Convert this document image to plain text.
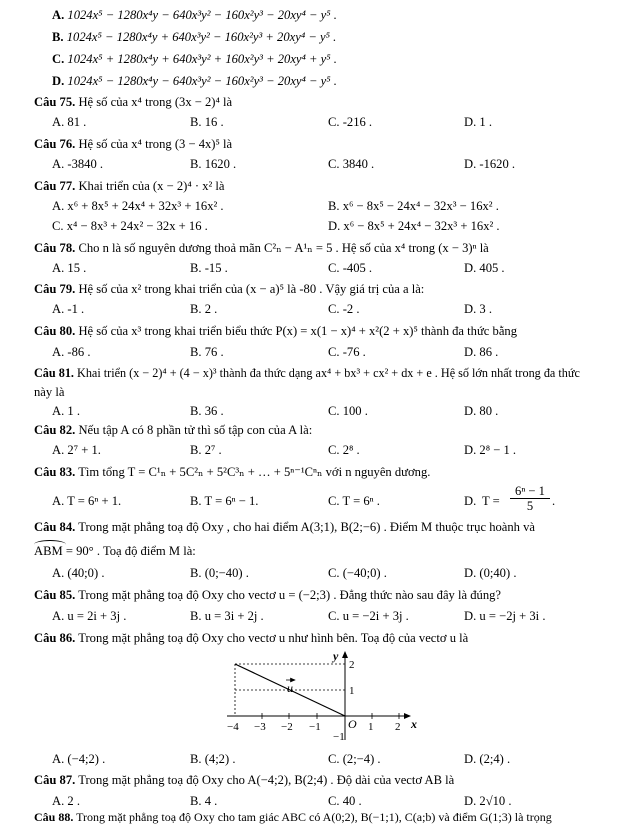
A. 1024x⁵ − 1280x⁴y − 640x³y² − 160x²y³ − 20xy⁴ − y⁵ .
B. 1024x⁵ − 1280x⁴y + 640x³y² − 160x²y³ + 20xy⁴ − y⁵ .
C. 1024x⁵ + 1280x⁴y + 640x³y² + 160x²y³ + 20xy⁴ + y⁵ .
D. 1024x⁵ − 1280x⁴y − 640x³y² − 160x²y³ − 20xy⁴ − y⁵ .
Câu 75. Hệ số của x⁴ trong (3x − 2)⁴ là
A. 81 .	B. 16 .	C. -216 .	D. 1 .
Câu 76. Hệ số của x⁴ trong (3 − 4x)⁵ là
A. -3840 .	B. 1620 .	C. 3840 .	D. -1620 .
Câu 77. Khai triển của (x − 2)⁴ · x² là
A. x⁶ + 8x⁵ + 24x⁴ + 32x³ + 16x² .	B. x⁶ − 8x⁵ − 24x⁴ − 32x³ − 16x² .
C. x⁴ − 8x³ + 24x² − 32x + 16 .	D. x⁶ − 8x⁵ + 24x⁴ − 32x³ + 16x² .
Câu 78. Cho n là số nguyên dương thoả mãn C²ₙ − A¹ₙ = 5 . Hệ số của x⁴ trong (x − 3)ⁿ là
A. 15 .	B. -15 .	C. -405 .	D. 405 .
Câu 79. Hệ số của x² trong khai triển của (x − a)⁵ là -80 . Vậy giá trị của a là:
A. -1 .	B. 2 .	C. -2 .	D. 3 .
Câu 80. Hệ số của x³ trong khai triển biểu thức P(x) = x(1 − x)⁴ + x²(2 + x)⁵ thành đa thức bằng
A. -86 .	B. 76 .	C. -76 .	D. 86 .
Câu 81. Khai triển (x − 2)⁴ + (4 − x)³ thành đa thức dạng ax⁴ + bx³ + cx² + dx + e . Hệ số lớn nhất trong đa thức
này là
A. 1 .	B. 36 .	C. 100 .	D. 80 .
Câu 82. Nếu tập A có 8 phần tử thì số tập con của A là:
A. 2⁷ + 1.	B. 2⁷ .	C. 2⁸ .	D. 2⁸ − 1 .
Câu 83. Tìm tổng T = C¹ₙ + 5C²ₙ + 5²C³ₙ + … + 5ⁿ⁻¹Cⁿₙ với n nguyên dương.
A. T = 6ⁿ + 1.	B. T = 6ⁿ − 1.	C. T = 6ⁿ .	D. T =
6ⁿ − 1
5	.
Câu 84. Trong mặt phẳng toạ độ Oxy , cho hai điểm A(3;1), B(2;−6) . Điểm M thuộc trục hoành và
ABM = 90° . Toạ độ điểm M là:
A. (40;0) .	B. (0;−40) .	C. (−40;0) .	D. (0;40) .
Câu 85. Trong mặt phẳng toạ độ Oxy cho vectơ u = (−2;3) . Đẳng thức nào sau đây là đúng?
A. u = 2i + 3j .	B. u = 3i + 2j .	C. u = −2i + 3j .	D. u = −2j + 3i .
Câu 86. Trong mặt phẳng toạ độ Oxy cho vectơ u như hình bên. Toạ độ của vectơ u là
u
y
x
O
2
1
−1
−4 −3 −2 −1	1 2
A. (−4;2) .	B. (4;2) .	C. (2;−4) .	D. (2;4) .
Câu 87. Trong mặt phẳng toạ độ Oxy cho A(−4;2), B(2;4) . Độ dài của vectơ AB là
A. 2 .	B. 4 .	C. 40 .	D. 2√10 .
Câu 88. Trong mặt phẳng toạ độ Oxy cho tam giác ABC có A(0;2), B(−1;1), C(a;b) và điểm G(1;3) là trọng
